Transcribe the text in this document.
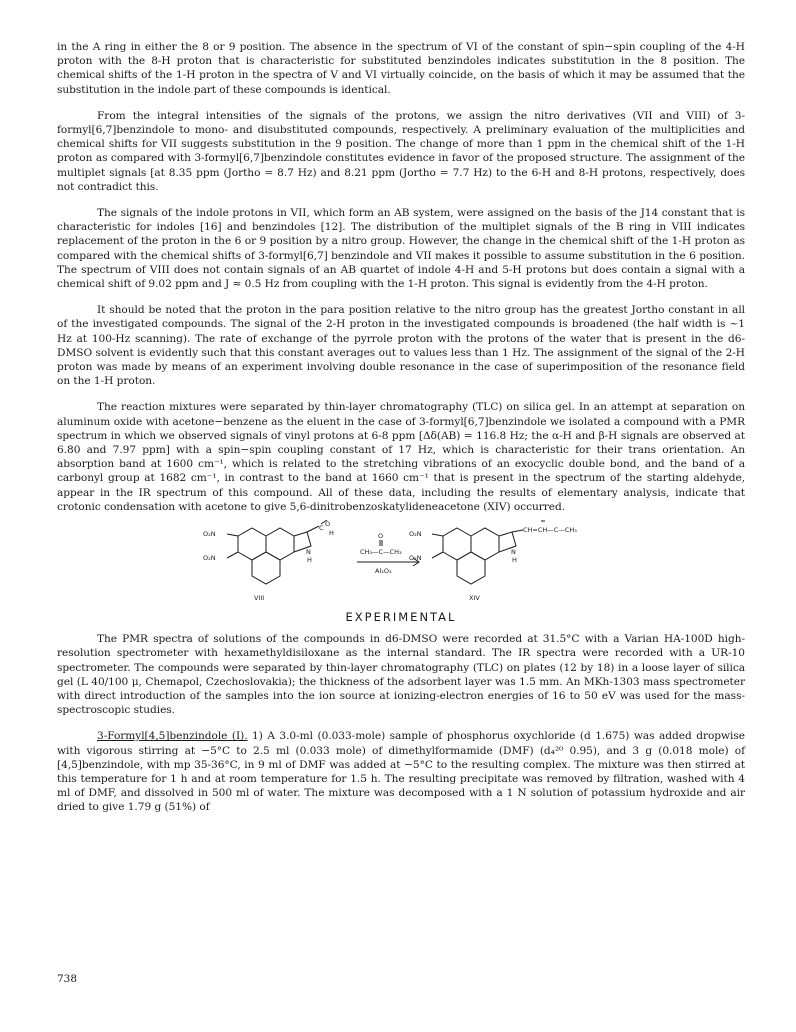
in the A ring in either the 8 or 9 position. The absence in the spectrum of VI of the constant of spin−spin coupling of the 4-H proton with the 8-H proton that is characteristic for substituted benzindoles indicates substitution in the 8 position. The chemical shifts of the 1-H proton in the spectra of V and VI virtually coincide, on the basis of which it may be assumed that the substitution in the indole part of these compounds is identical.

From the integral intensities of the signals of the protons, we assign the nitro derivatives (VII and VIII) of 3-formyl[6,7]benzindole to mono- and disubstituted compounds, respectively. A preliminary evaluation of the multiplicities and chemical shifts for VII suggests substitution in the 9 position. The change of more than 1 ppm in the chemical shift of the 1-H proton as compared with 3-formyl[6,7]benzindole constitutes evidence in favor of the proposed structure. The assignment of the multiplet signals [at 8.35 ppm (Jortho = 8.7 Hz) and 8.21 ppm (Jortho = 7.7 Hz) to the 6-H and 8-H protons, respectively, does not contradict this.

The signals of the indole protons in VII, which form an AB system, were assigned on the basis of the J14 constant that is characteristic for indoles [16] and benzindoles [12]. The distribution of the multiplet signals of the B ring in VIII indicates replacement of the proton in the 6 or 9 position by a nitro group. However, the change in the chemical shift of the 1-H proton as compared with the chemical shifts of 3-formyl[6,7] benzindole and VII makes it possible to assume substitution in the 6 position. The spectrum of VIII does not contain signals of an AB quartet of indole 4-H and 5-H protons but does contain a signal with a chemical shift of 9.02 ppm and J ≈ 0.5 Hz from coupling with the 1-H proton. This signal is evidently from the 4-H proton.

It should be noted that the proton in the para position relative to the nitro group has the greatest Jortho constant in all of the investigated compounds. The signal of the 2-H proton in the investigated compounds is broadened (the half width is ~1 Hz at 100-Hz scanning). The rate of exchange of the pyrrole proton with the protons of the water that is present in the d6-DMSO solvent is evidently such that this constant averages out to values less than 1 Hz. The assignment of the signal of the 2-H proton was made by means of an experiment involving double resonance in the case of superimposition of the resonance field on the 1-H proton.

The reaction mixtures were separated by thin-layer chromatography (TLC) on silica gel. In an attempt at separation on aluminum oxide with acetone−benzene as the eluent in the case of 3-formyl[6,7]benzindole we isolated a compound with a PMR spectrum in which we observed signals of vinyl protons at 6-8 ppm [Δδ(AB) = 116.8 Hz; the α-H and β-H signals are observed at 6.80 and 7.97 ppm] with a spin−spin coupling constant of 17 Hz, which is characteristic for their trans orientation. An absorption band at 1600 cm⁻¹, which is related to the stretching vibrations of an exocyclic double bond, and the band of a carbonyl group at 1682 cm⁻¹, in contrast to the band at 1660 cm⁻¹ that is present in the spectrum of the starting aldehyde, appear in the IR spectrum of this compound. All of these data, including the results of elementary analysis, indicate that crotonic condensation with acetone to give 5,6-dinitrobenzoskatylideneacetone (XIV) occurred.

O₂N
O₂N
C O
H
N
H
VIII
O
CH₃—C—CH₃
Al₂O₃
O₂N
O₂N
CH=CH—C—CH₃
N
H
XIV
EXPERIMENTAL

The PMR spectra of solutions of the compounds in d6-DMSO were recorded at 31.5°C with a Varian HA-100D high-resolution spectrometer with hexamethyldisiloxane as the internal standard. The IR spectra were recorded with a UR-10 spectrometer. The compounds were separated by thin-layer chromatography (TLC) on plates (12 by 18) in a loose layer of silica gel (L 40/100 μ, Chemapol, Czechoslovakia); the thickness of the adsorbent layer was 1.5 mm. An MKh-1303 mass spectrometer with direct introduction of the samples into the ion source at ionizing-electron energies of 16 to 50 eV was used for the mass-spectroscopic studies.

3-Formyl[4,5]benzindole (I). 1) A 3.0-ml (0.033-mole) sample of phosphorus oxychloride (d 1.675) was added dropwise with vigorous stirring at −5°C to 2.5 ml (0.033 mole) of dimethylformamide (DMF) (d₄²⁰ 0.95), and 3 g (0.018 mole) of [4,5]benzindole, with mp 35-36°C, in 9 ml of DMF was added at −5°C to the resulting complex. The mixture was then stirred at this temperature for 1 h and at room temperature for 1.5 h. The resulting precipitate was removed by filtration, washed with 4 ml of DMF, and dissolved in 500 ml of water. The mixture was decomposed with a 1 N solution of potassium hydroxide and air dried to give 1.79 g (51%) of

738
